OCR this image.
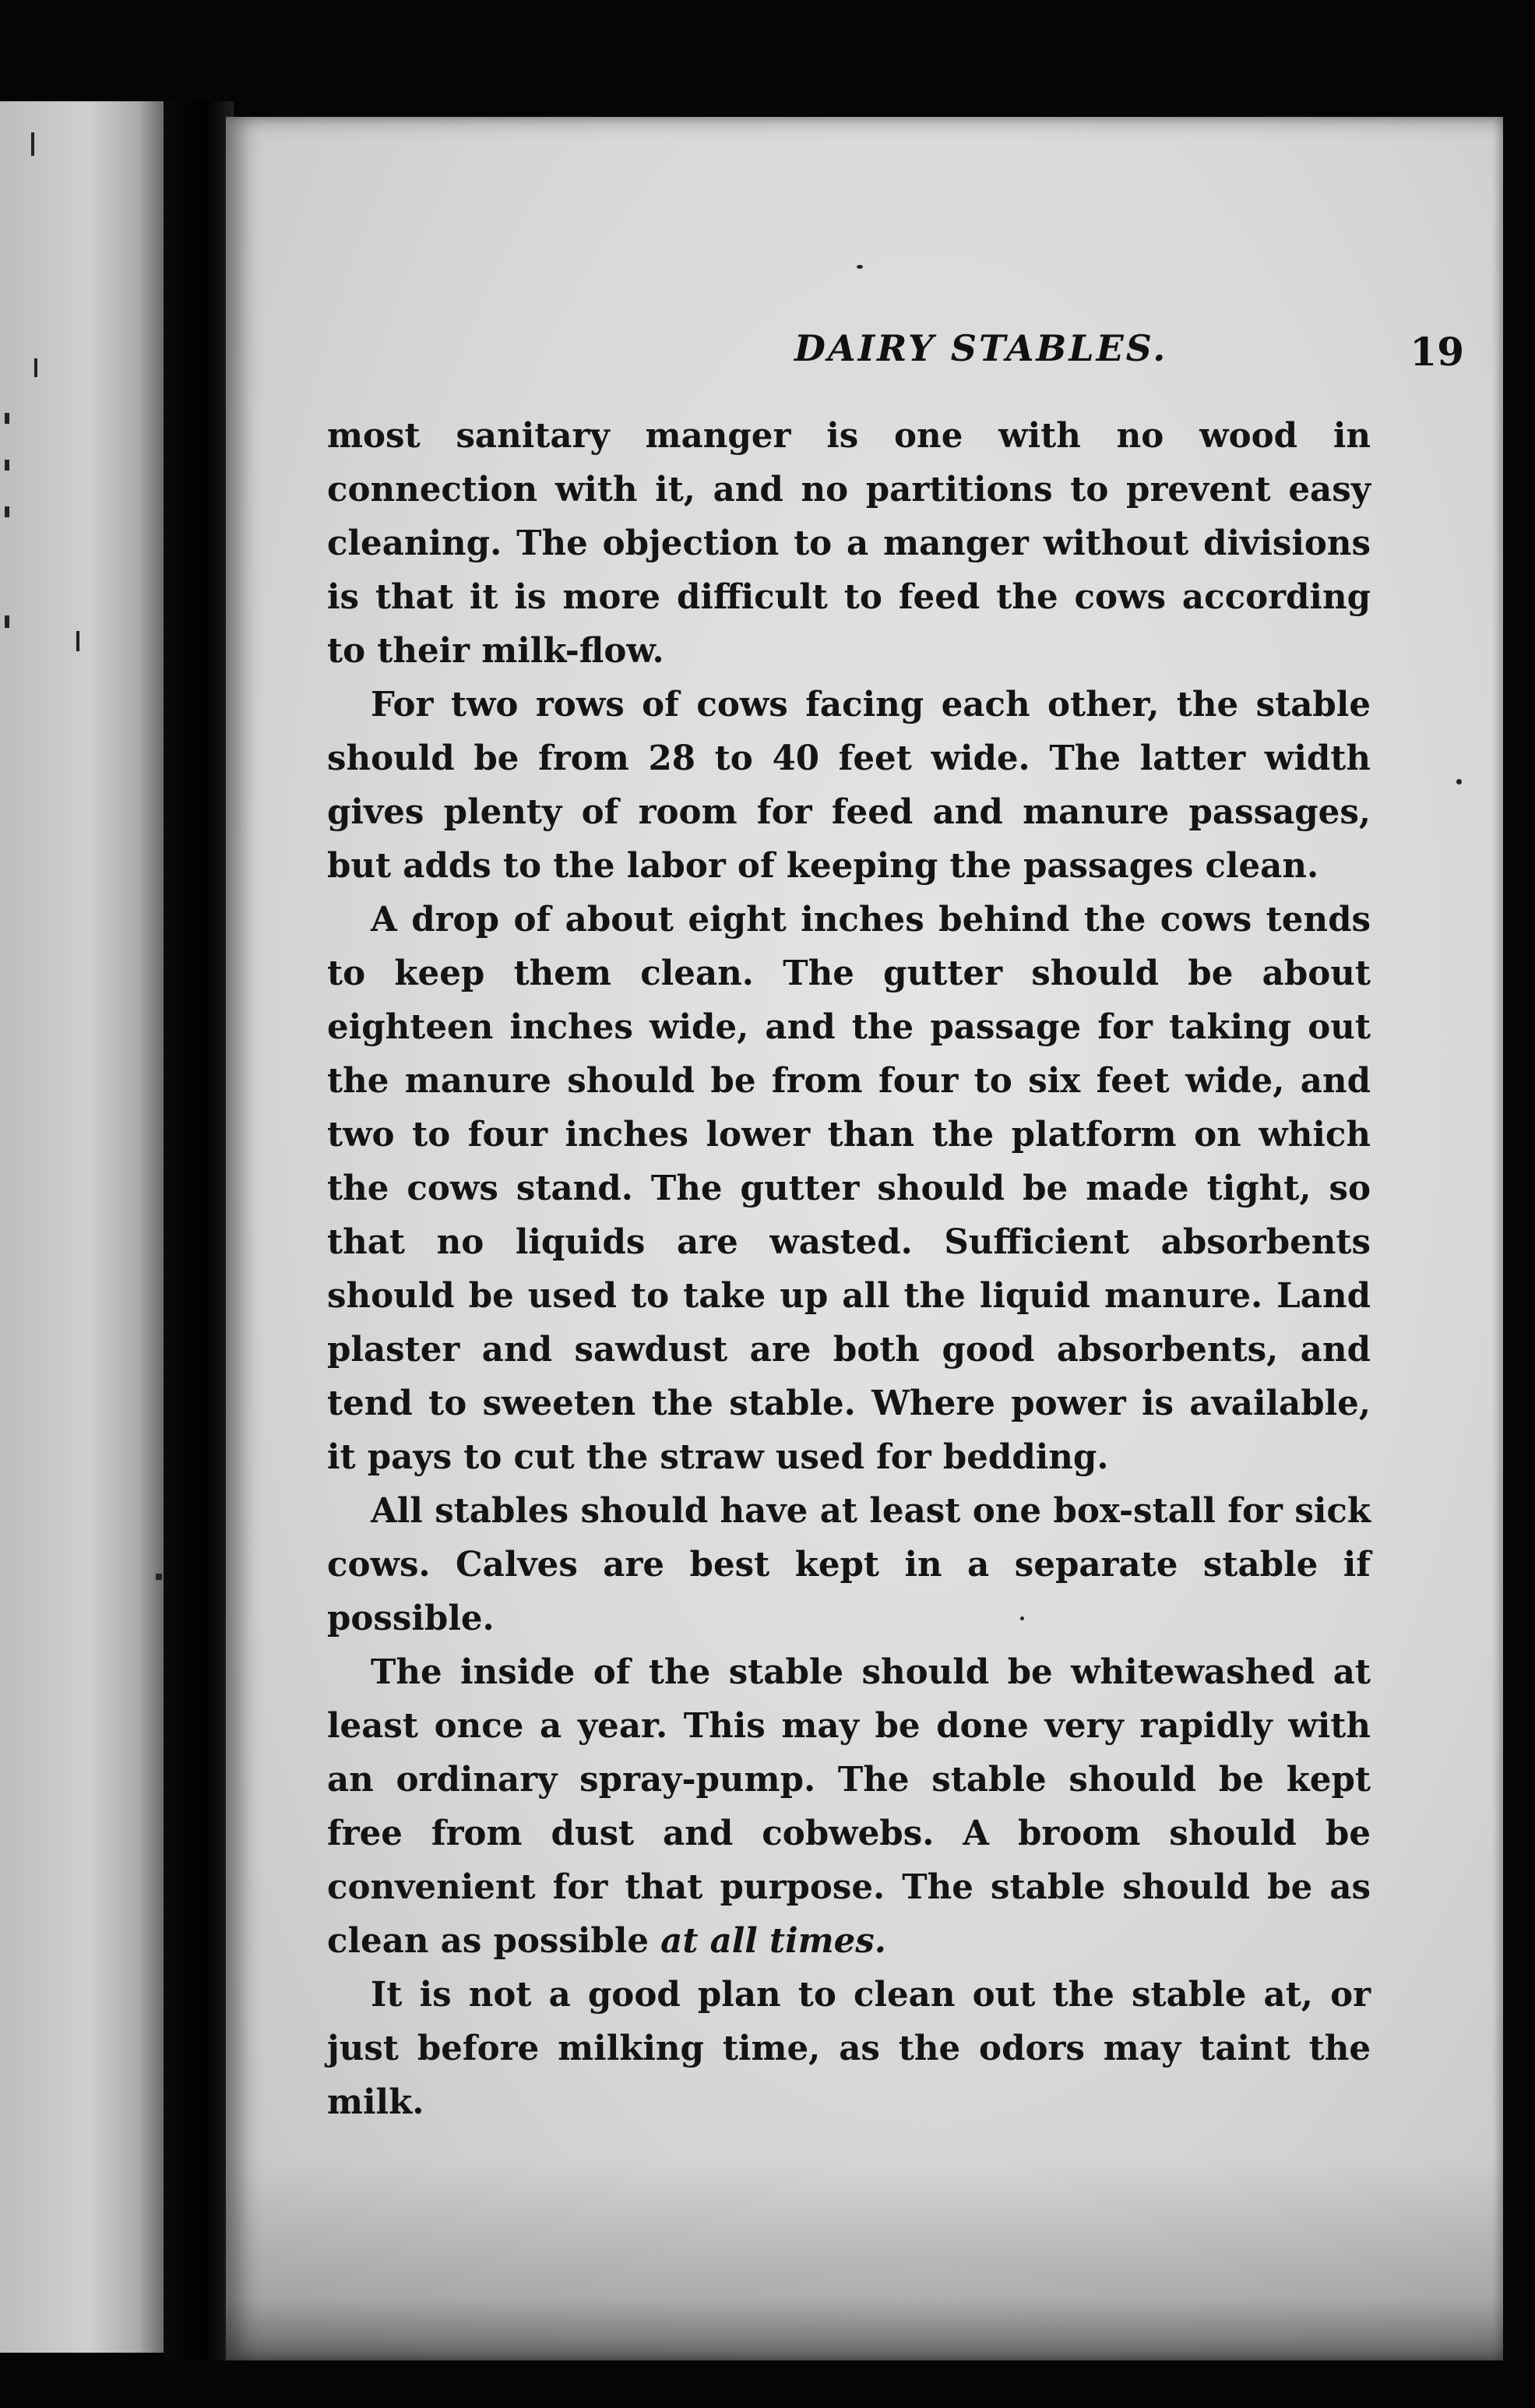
DAIRY STABLES.	19

most sanitary manger is one with no wood in connection with it, and no partitions to prevent easy cleaning. The objection to a manger without divisions is that it is more difficult to feed the cows according to their milk-flow.

For two rows of cows facing each other, the stable should be from 28 to 40 feet wide. The latter width gives plenty of room for feed and manure passages, but adds to the labor of keeping the passages clean.

A drop of about eight inches behind the cows tends to keep them clean. The gutter should be about eighteen inches wide, and the passage for taking out the manure should be from four to six feet wide, and two to four inches lower than the platform on which the cows stand. The gutter should be made tight, so that no liquids are wasted. Sufficient absorbents should be used to take up all the liquid manure. Land plaster and sawdust are both good absorbents, and tend to sweeten the stable. Where power is available, it pays to cut the straw used for bedding.

All stables should have at least one box-stall for sick cows. Calves are best kept in a separate stable if possible.

The inside of the stable should be whitewashed at least once a year. This may be done very rapidly with an ordinary spray-pump. The stable should be kept free from dust and cobwebs. A broom should be convenient for that purpose. The stable should be as clean as possible at all times.

It is not a good plan to clean out the stable at, or just before milking time, as the odors may taint the milk.
